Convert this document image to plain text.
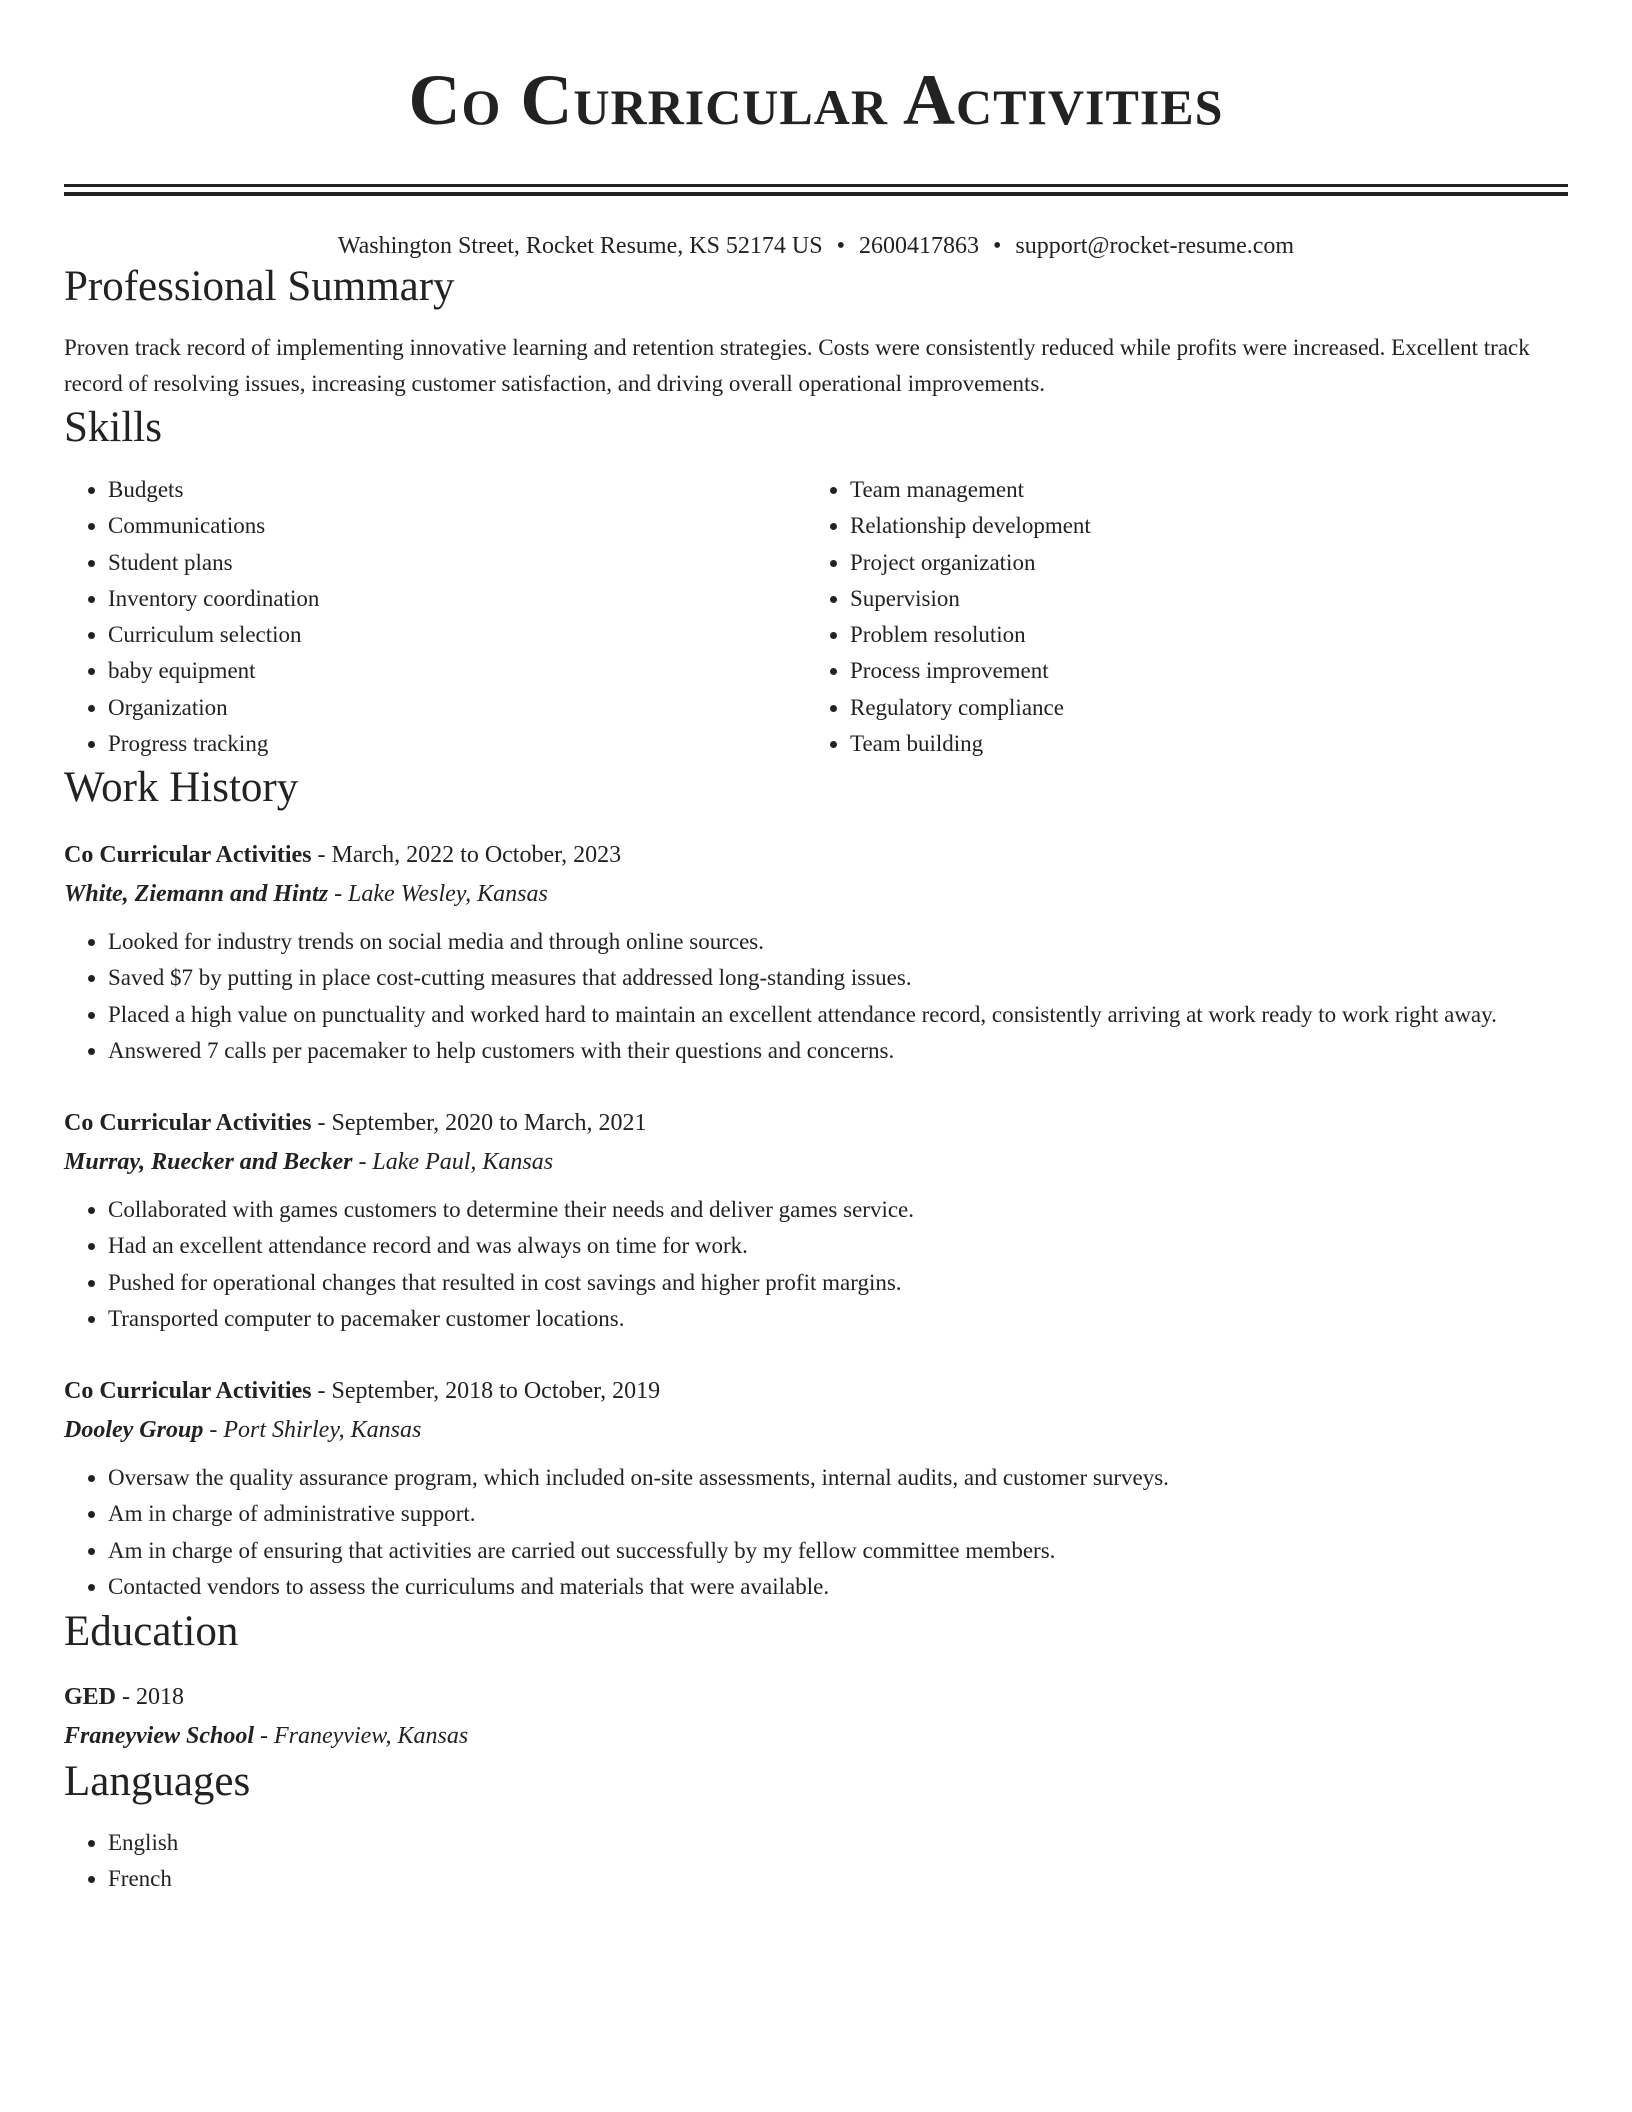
Co Curricular Activities
Washington Street, Rocket Resume, KS 52174 US • 2600417863 • support@rocket-resume.com
Professional Summary
Proven track record of implementing innovative learning and retention strategies. Costs were consistently reduced while profits were increased. Excellent track record of resolving issues, increasing customer satisfaction, and driving overall operational improvements.
Skills
• Budgets
• Communications
• Student plans
• Inventory coordination
• Curriculum selection
• baby equipment
• Organization
• Progress tracking
• Team management
• Relationship development
• Project organization
• Supervision
• Problem resolution
• Process improvement
• Regulatory compliance
• Team building
Work History
Co Curricular Activities - March, 2022 to October, 2023
White, Ziemann and Hintz - Lake Wesley, Kansas
• Looked for industry trends on social media and through online sources.
• Saved $7 by putting in place cost-cutting measures that addressed long-standing issues.
• Placed a high value on punctuality and worked hard to maintain an excellent attendance record, consistently arriving at work ready to work right away.
• Answered 7 calls per pacemaker to help customers with their questions and concerns.
Co Curricular Activities - September, 2020 to March, 2021
Murray, Ruecker and Becker - Lake Paul, Kansas
• Collaborated with games customers to determine their needs and deliver games service.
• Had an excellent attendance record and was always on time for work.
• Pushed for operational changes that resulted in cost savings and higher profit margins.
• Transported computer to pacemaker customer locations.
Co Curricular Activities - September, 2018 to October, 2019
Dooley Group - Port Shirley, Kansas
• Oversaw the quality assurance program, which included on-site assessments, internal audits, and customer surveys.
• Am in charge of administrative support.
• Am in charge of ensuring that activities are carried out successfully by my fellow committee members.
• Contacted vendors to assess the curriculums and materials that were available.
Education
GED - 2018
Franeyview School - Franeyview, Kansas
Languages
• English
• French
